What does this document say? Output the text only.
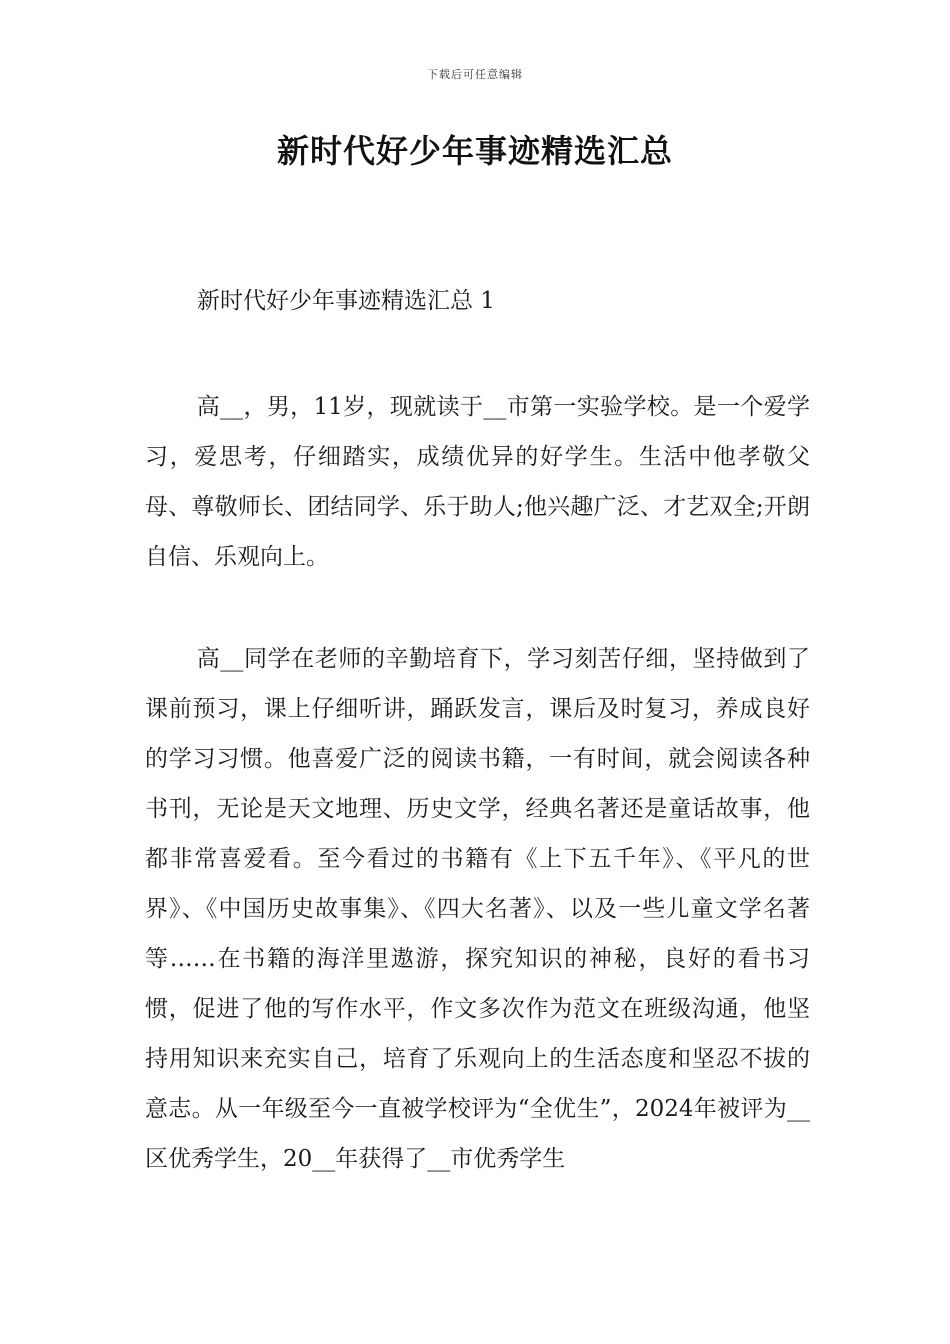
下载后可任意编辑
新时代好少年事迹精选汇总

新时代好少年事迹精选汇总 1

高__，男，11岁，现就读于__市第一实验学校。是一个爱学习，爱思考，仔细踏实，成绩优异的好学生。生活中他孝敬父母、尊敬师长、团结同学、乐于助人;他兴趣广泛、才艺双全;开朗自信、乐观向上。

高__同学在老师的辛勤培育下，学习刻苦仔细，坚持做到了课前预习，课上仔细听讲，踊跃发言，课后及时复习，养成良好的学习习惯。他喜爱广泛的阅读书籍，一有时间，就会阅读各种书刊，无论是天文地理、历史文学，经典名著还是童话故事，他都非常喜爱看。至今看过的书籍有《上下五千年》、《平凡的世界》、《中国历史故事集》、《四大名著》、以及一些儿童文学名著等……在书籍的海洋里遨游，探究知识的神秘，良好的看书习惯，促进了他的写作水平，作文多次作为范文在班级沟通，他坚持用知识来充实自己，培育了乐观向上的生活态度和坚忍不拔的意志。从一年级至今一直被学校评为“全优生”，2024年被评为__区优秀学生，20__年获得了__市优秀学生
